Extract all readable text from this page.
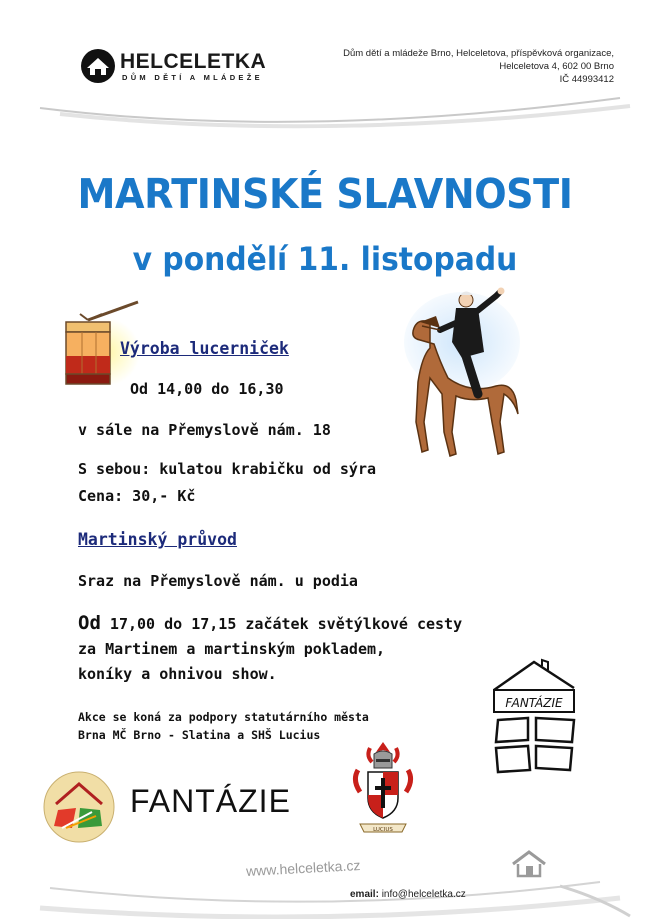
HELCELETKA
DŮM DĚTÍ A MLÁDEŽE
Dům dětí a mládeže Brno, Helceletova, příspěvková organizace,
Helceletova 4, 602 00 Brno
IČ 44993412
MARTINSKÉ SLAVNOSTI
v pondělí 11. listopadu
Výroba lucerniček
Od 14,00 do 16,30
v sále na Přemyslově nám. 18
S sebou: kulatou krabičku od sýra
Cena: 30,- Kč
Martinský průvod
Sraz na Přemyslově nám. u podia
Od 17,00 do 17,15 začátek světýlkové cesty
za Martinem a martinským pokladem,
koníky a ohnivou show.
Akce se koná za podpory statutárního města
Brna MČ Brno - Slatina a SHŠ Lucius
FANTÁZIE
FANTÁZIE
LUCIUS
www.helceletka.cz
email: info@helceletka.cz
